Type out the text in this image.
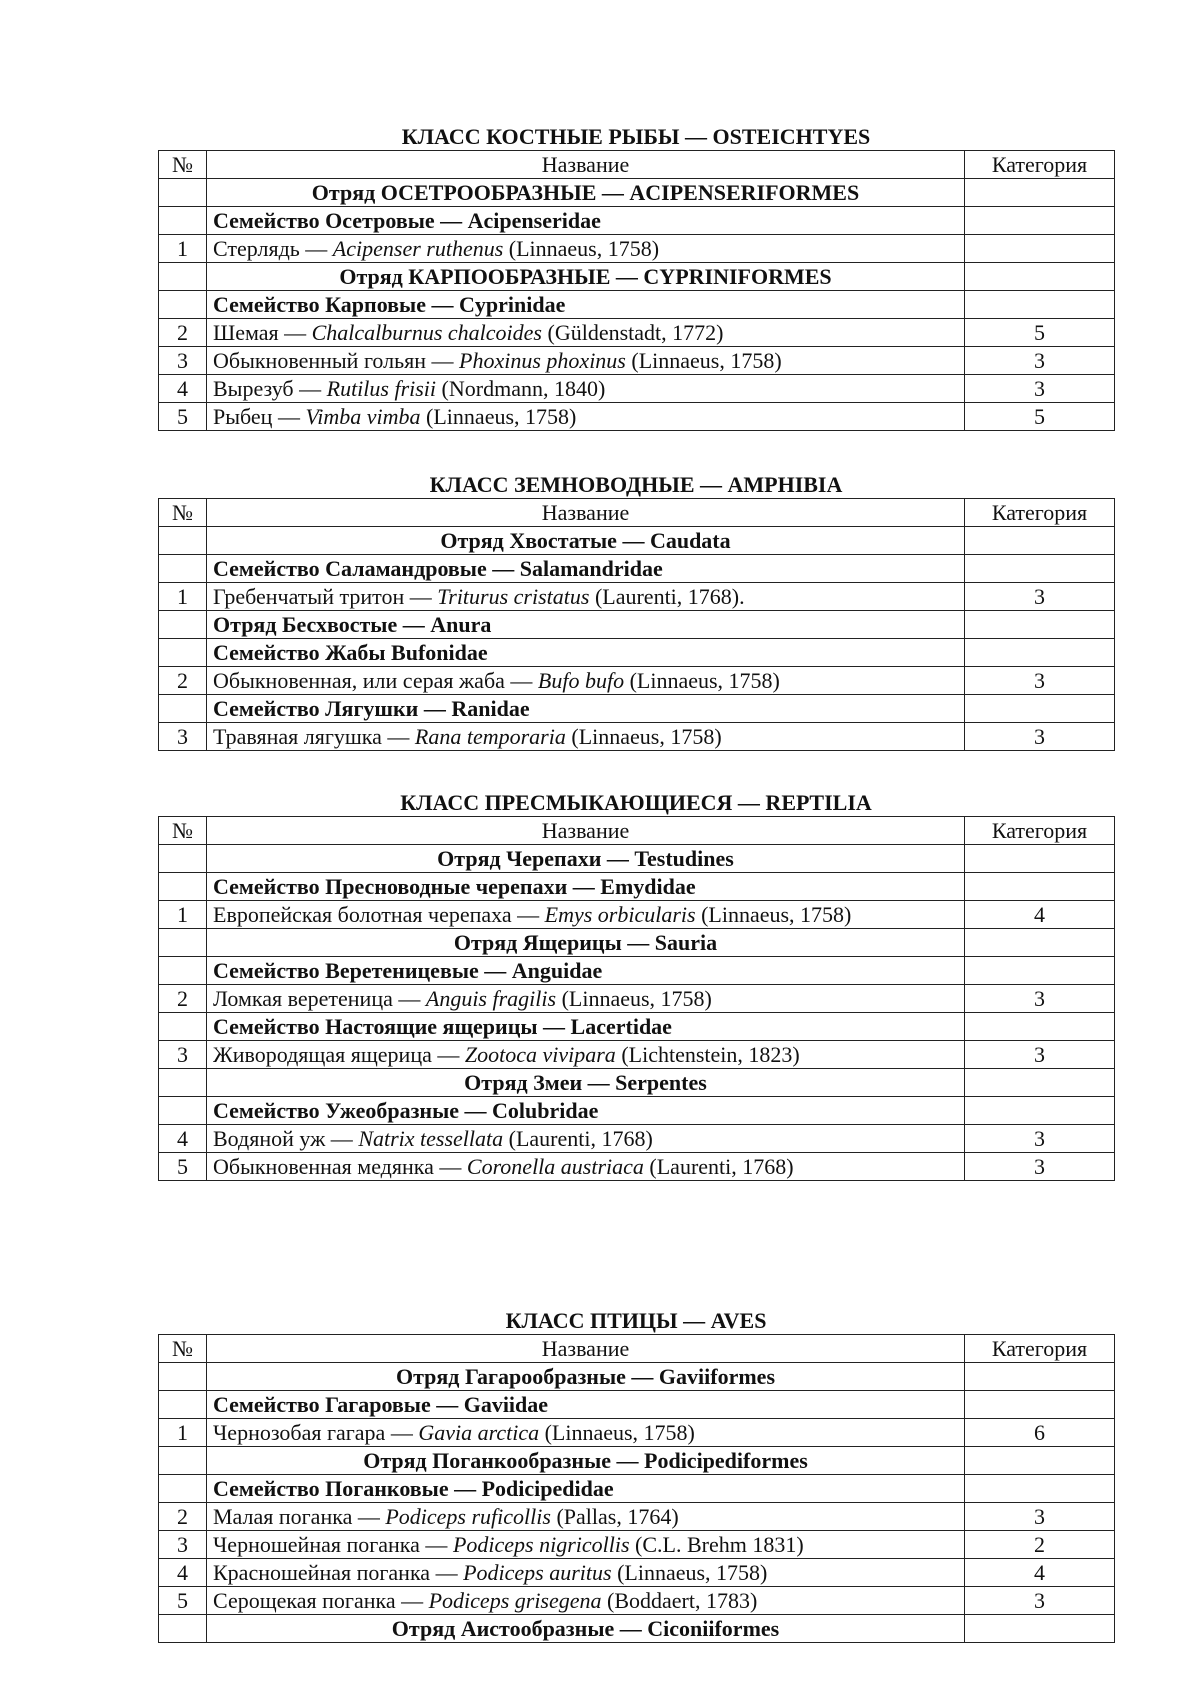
КЛАСС КОСТНЫЕ РЫБЫ — OSTEICHTYES
№	Название	Категория
	Отряд ОСЕТРООБРАЗНЫЕ — ACIPENSERIFORMES	
	Семейство Осетровые — Acipenseridae	
1	Стерлядь — Acipenser ruthenus (Linnaeus, 1758)	
	Отряд КАРПООБРАЗНЫЕ — CYPRINIFORMES	
	Семейство Карповые — Cyprinidae	
2	Шемая — Chalcalburnus chalcoides (Güldenstadt, 1772)	5
3	Обыкновенный гольян — Phoxinus phoxinus (Linnaeus, 1758)	3
4	Вырезуб — Rutilus frisii (Nordmann, 1840)	3
5	Рыбец — Vimba vimba (Linnaeus, 1758)	5
КЛАСС ЗЕМНОВОДНЫЕ — AMPHIBIA
№	Название	Категория
	Отряд Хвостатые — Caudata	
	Семейство Саламандровые — Salamandridae	
1	Гребенчатый тритон — Triturus cristatus (Laurenti, 1768).	3
	Отряд Бесхвостые — Anura	
	Семейство Жабы Bufonidae	
2	Обыкновенная, или серая жаба — Bufo bufo (Linnaeus, 1758)	3
	Семейство Лягушки — Ranidae	
3	Травяная лягушка — Rana temporaria (Linnaeus, 1758)	3
КЛАСС ПРЕСМЫКАЮЩИЕСЯ — REPTILIA
№	Название	Категория
	Отряд Черепахи — Testudines	
	Семейство Пресноводные черепахи — Emydidae	
1	Европейская болотная черепаха — Emys orbicularis (Linnaeus, 1758)	4
	Отряд Ящерицы — Sauria	
	Семейство Веретеницевые — Anguidae	
2	Ломкая веретеница — Anguis fragilis (Linnaeus, 1758)	3
	Семейство Настоящие ящерицы — Lacertidae	
3	Живородящая ящерица — Zootoca vivipara (Lichtenstein, 1823)	3
	Отряд Змеи — Serpentes	
	Семейство Ужеобразные — Colubridae	
4	Водяной уж — Natrix tessellata (Laurenti, 1768)	3
5	Обыкновенная медянка — Coronella austriaca (Laurenti, 1768)	3
КЛАСС ПТИЦЫ — AVES
№	Название	Категория
	Отряд Гагарообразные — Gaviiformes	
	Семейство Гагаровые — Gaviidae	
1	Чернозобая гагара — Gavia arctica (Linnaeus, 1758)	6
	Отряд Поганкообразные — Podicipediformes	
	Семейство Поганковые — Podicipedidae	
2	Малая поганка — Podiceps ruficollis (Pallas, 1764)	3
3	Черношейная поганка — Podiceps nigricollis (C.L. Brehm 1831)	2
4	Красношейная поганка — Podiceps auritus (Linnaeus, 1758)	4
5	Серощекая поганка — Podiceps grisegena (Boddaert, 1783)	3
	Отряд Аистообразные — Ciconiiformes	
